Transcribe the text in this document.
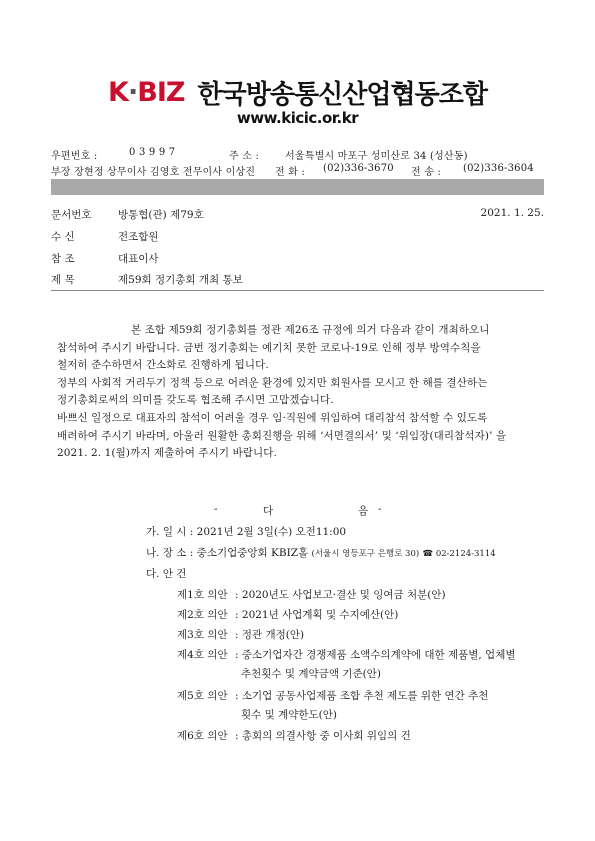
K·BIZ 한국방송통신산업협동조합
www.kicic.or.kr
우편번호 :	0 3 9 9 7	주 소 :	서울특별시 마포구 성미산로 34 (성산동)
부장 장현정 상무이사 김영호 전무이사 이상진 전 화 : (02)336-3670 전 송 : (02)336-3604
문서번호	방통협(관) 제79호	2021. 1. 25.
수 신	전조합원
참 조	대표이사
제 목	제59회 정기총회 개최 통보

본 조합 제59회 정기총회를 정관 제26조 규정에 의거 다음과 같이 개최하오니

참석하여 주시기 바랍니다. 금번 정기총회는 예기치 못한 코로나-19로 인해 정부 방역수칙을

철저히 준수하면서 간소화로 진행하게 됩니다.

정부의 사회적 거리두기 정책 등으로 어려운 환경에 있지만 회원사를 모시고 한 해를 결산하는

정기총회로써의 의미를 갖도록 협조해 주시면 고맙겠습니다.

바쁘신 일정으로 대표자의 참석이 어려울 경우 임·직원에 위임하여 대리참석 참석할 수 있도록

배려하여 주시기 바라며, 아울러 원활한 총회진행을 위해 ‘서면결의서’ 및 ‘위임장(대리참석자)’ 을

2021. 2. 1(월)까지 제출하여 주시기 바랍니다.

-	다	음 -
가. 일 시 : 2021년 2월 3일(수) 오전11:00
나. 장 소 : 중소기업중앙회 KBIZ홀 (서울시 영등포구 은행로 30) ☎ 02-2124-3114
다. 안 건
제1호 의안 : 2020년도 사업보고·결산 및 잉여금 처분(안)
제2호 의안 : 2021년 사업계획 및 수지예산(안)
제3호 의안 : 정관 개정(안)
제4호 의안 : 중소기업자간 경쟁제품 소액수의계약에 대한 제품별, 업체별
추천횟수 및 계약금액 기준(안)
제5호 의안 : 소기업 공동사업제품 조합 추천 제도를 위한 연간 추천
횟수 및 계약한도(안)
제6호 의안 : 총회의 의결사항 중 이사회 위임의 건
